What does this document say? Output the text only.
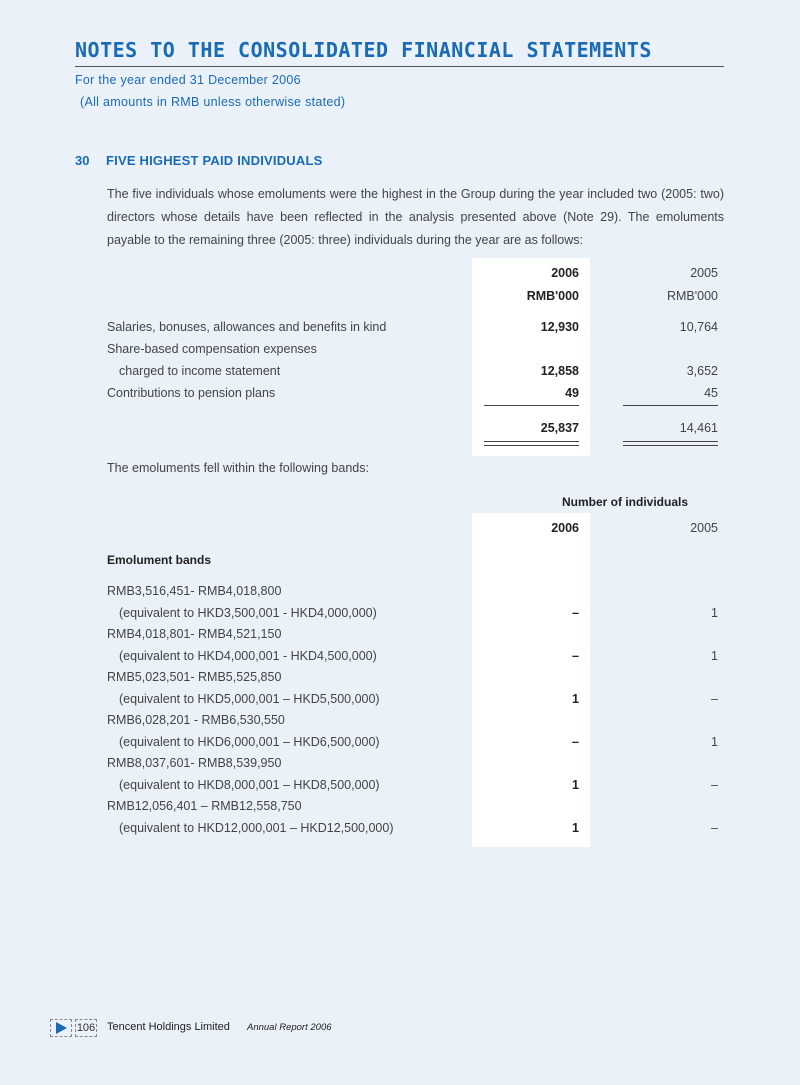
NOTES TO THE CONSOLIDATED FINANCIAL STATEMENTS
For the year ended 31 December 2006
(All amounts in RMB unless otherwise stated)
30 FIVE HIGHEST PAID INDIVIDUALS
The five individuals whose emoluments were the highest in the Group during the year included two (2005: two) directors whose details have been reflected in the analysis presented above (Note 29). The emoluments payable to the remaining three (2005: three) individuals during the year are as follows:
2006	2005
RMB'000	RMB'000
Salaries, bonuses, allowances and benefits in kind	12,930	10,764
Share-based compensation expenses
charged to income statement	12,858	3,652
Contributions to pension plans	49	45
25,837	14,461
The emoluments fell within the following bands:
Number of individuals
2006	2005
Emolument bands
RMB3,516,451- RMB4,018,800
(equivalent to HKD3,500,001 - HKD4,000,000)	–	1
RMB4,018,801- RMB4,521,150
(equivalent to HKD4,000,001 - HKD4,500,000)	–	1
RMB5,023,501- RMB5,525,850
(equivalent to HKD5,000,001 – HKD5,500,000)	1	–
RMB6,028,201 - RMB6,530,550
(equivalent to HKD6,000,001 – HKD6,500,000)	–	1
RMB8,037,601- RMB8,539,950
(equivalent to HKD8,000,001 – HKD8,500,000)	1	–
RMB12,056,401 – RMB12,558,750
(equivalent to HKD12,000,001 – HKD12,500,000)	1	–
106 Tencent Holdings Limited Annual Report 2006
